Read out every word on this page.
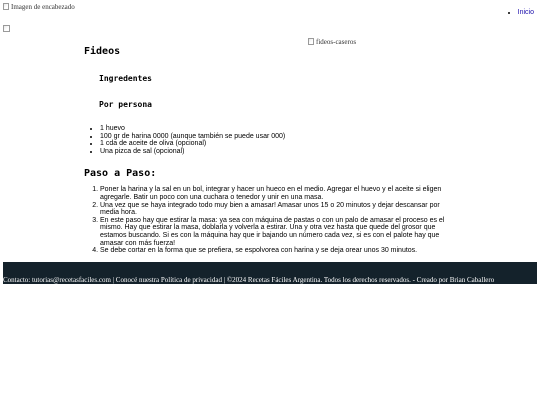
Imagen de encabezado
• Inicio
fideos-caseros
Fideos
Ingredentes
Por persona
• 1 huevo
• 100 gr de harina 0000 (aunque también se puede usar 000)
• 1 cda de aceite de oliva (opcional)
• Una pizca de sal (opcional)
Paso a Paso:
1. Poner la harina y la sal en un bol, integrar y hacer un hueco en el medio. Agregar el huevo y el aceite si eligen agregarle. Batir un poco con una cuchara o tenedor y unir en una masa.
2. Una vez que se haya integrado todo muy bien a amasar! Amasar unos 15 o 20 minutos y dejar descansar por media hora.
3. En este paso hay que estirar la masa: ya sea con máquina de pastas o con un palo de amasar el proceso es el mismo. Hay que estirar la masa, doblarla y volverla a estirar. Una y otra vez hasta que quede del grosor que estamos buscando. Si es con la máquina hay que ir bajando un número cada vez, si es con el palote hay que amasar con más fuerza!
4. Se debe cortar en la forma que se prefiera, se espolvorea con harina y se deja orear unos 30 minutos.
Contacto: tutorias@recetasfaciles.com | Conocé nuestra Política de privacidad | ©2024 Recetas Fáciles Argentina. Todos los derechos reservados. - Creado por Brian Caballero
